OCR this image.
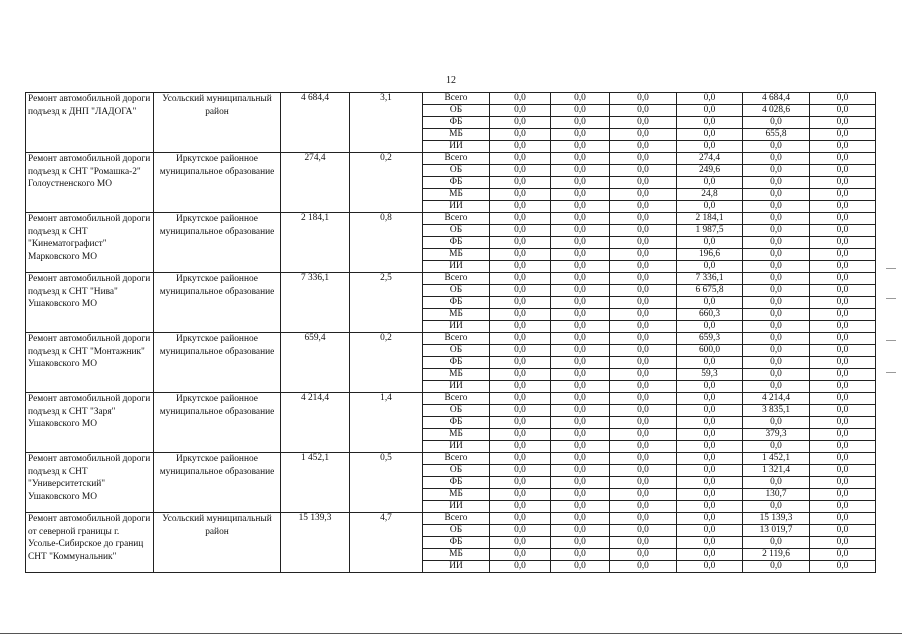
12
Ремонт автомобильной дороги подъезд к ДНП "ЛАДОГА"	Усольский муниципальный район	4 684,4	3,1	Всего	0,0	0,0	0,0	0,0	4 684,4	0,0
				ОБ	0,0	0,0	0,0	0,0	4 028,6	0,0
				ФБ	0,0	0,0	0,0	0,0	0,0	0,0
				МБ	0,0	0,0	0,0	0,0	655,8	0,0
				ИИ	0,0	0,0	0,0	0,0	0,0	0,0
Ремонт автомобильной дороги подъезд к СНТ "Ромашка-2" Голоустненского МО	Иркутское районное муниципальное образование	274,4	0,2	Всего	0,0	0,0	0,0	274,4	0,0	0,0
				ОБ	0,0	0,0	0,0	249,6	0,0	0,0
				ФБ	0,0	0,0	0,0	0,0	0,0	0,0
				МБ	0,0	0,0	0,0	24,8	0,0	0,0
				ИИ	0,0	0,0	0,0	0,0	0,0	0,0
Ремонт автомобильной дороги подъезд к СНТ "Кинематографист" Марковского МО	Иркутское районное муниципальное образование	2 184,1	0,8	Всего	0,0	0,0	0,0	2 184,1	0,0	0,0
				ОБ	0,0	0,0	0,0	1 987,5	0,0	0,0
				ФБ	0,0	0,0	0,0	0,0	0,0	0,0
				МБ	0,0	0,0	0,0	196,6	0,0	0,0
				ИИ	0,0	0,0	0,0	0,0	0,0	0,0
Ремонт автомобильной дороги подъезд к СНТ "Нива" Ушаковского МО	Иркутское районное муниципальное образование	7 336,1	2,5	Всего	0,0	0,0	0,0	7 336,1	0,0	0,0
				ОБ	0,0	0,0	0,0	6 675,8	0,0	0,0
				ФБ	0,0	0,0	0,0	0,0	0,0	0,0
				МБ	0,0	0,0	0,0	660,3	0,0	0,0
				ИИ	0,0	0,0	0,0	0,0	0,0	0,0
Ремонт автомобильной дороги подъезд к СНТ "Монтажник" Ушаковского МО	Иркутское районное муниципальное образование	659,4	0,2	Всего	0,0	0,0	0,0	659,3	0,0	0,0
				ОБ	0,0	0,0	0,0	600,0	0,0	0,0
				ФБ	0,0	0,0	0,0	0,0	0,0	0,0
				МБ	0,0	0,0	0,0	59,3	0,0	0,0
				ИИ	0,0	0,0	0,0	0,0	0,0	0,0
Ремонт автомобильной дороги подъезд к СНТ "Заря" Ушаковского МО	Иркутское районное муниципальное образование	4 214,4	1,4	Всего	0,0	0,0	0,0	0,0	4 214,4	0,0
				ОБ	0,0	0,0	0,0	0,0	3 835,1	0,0
				ФБ	0,0	0,0	0,0	0,0	0,0	0,0
				МБ	0,0	0,0	0,0	0,0	379,3	0,0
				ИИ	0,0	0,0	0,0	0,0	0,0	0,0
Ремонт автомобильной дороги подъезд к СНТ "Университетский" Ушаковского МО	Иркутское районное муниципальное образование	1 452,1	0,5	Всего	0,0	0,0	0,0	0,0	1 452,1	0,0
				ОБ	0,0	0,0	0,0	0,0	1 321,4	0,0
				ФБ	0,0	0,0	0,0	0,0	0,0	0,0
				МБ	0,0	0,0	0,0	0,0	130,7	0,0
				ИИ	0,0	0,0	0,0	0,0	0,0	0,0
Ремонт автомобильной дороги от северной границы г. Усолье-Сибирское до границ СНТ "Коммунальник"	Усольский муниципальный район	15 139,3	4,7	Всего	0,0	0,0	0,0	0,0	15 139,3	0,0
				ОБ	0,0	0,0	0,0	0,0	13 019,7	0,0
				ФБ	0,0	0,0	0,0	0,0	0,0	0,0
				МБ	0,0	0,0	0,0	0,0	2 119,6	0,0
				ИИ	0,0	0,0	0,0	0,0	0,0	0,0
